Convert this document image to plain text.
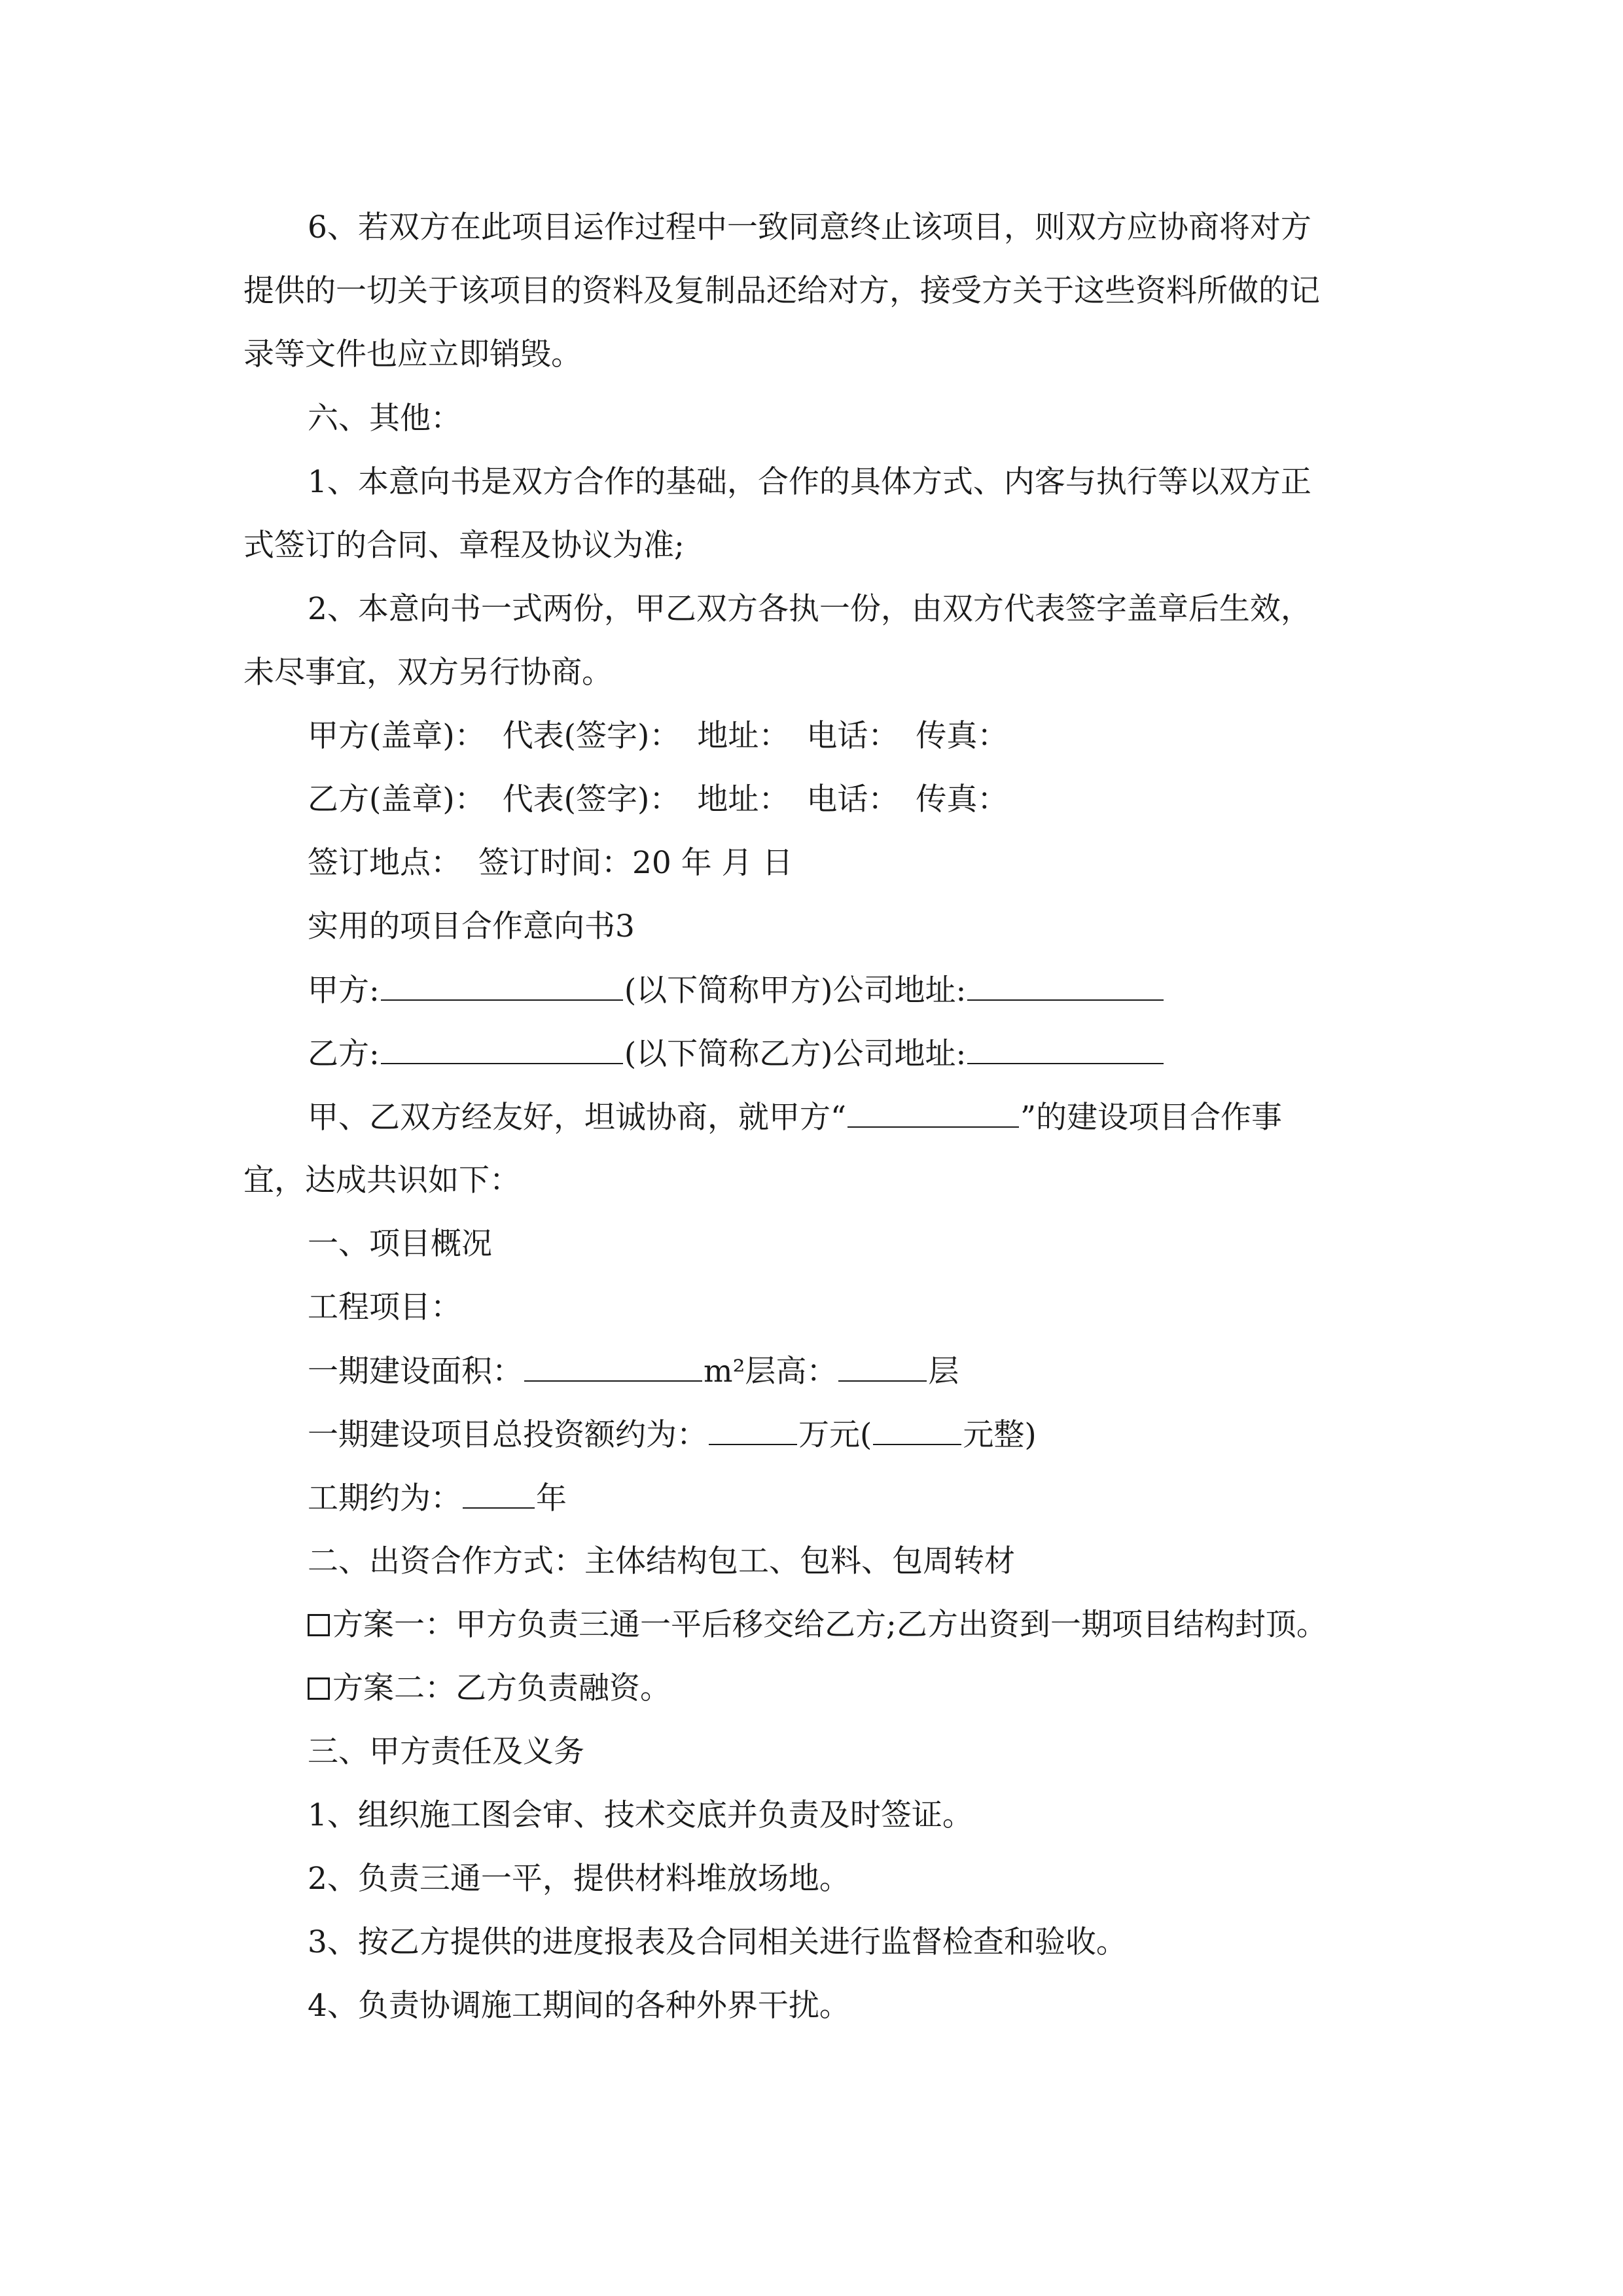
6、若双方在此项目运作过程中一致同意终止该项目，则双方应协商将对方
提供的一切关于该项目的资料及复制品还给对方，接受方关于这些资料所做的记
录等文件也应立即销毁。
六、其他：
1、本意向书是双方合作的基础，合作的具体方式、内客与执行等以双方正
式签订的合同、章程及协议为准;
2、本意向书一式两份，甲乙双方各执一份，由双方代表签字盖章后生效，
未尽事宜，双方另行协商。
甲方(盖章)： 代表(签字)： 地址： 电话： 传真：
乙方(盖章)： 代表(签字)： 地址： 电话： 传真：
签订地点： 签订时间：20 年 月 日
实用的项目合作意向书3
甲方:	(以下简称甲方)公司地址:
乙方:	(以下简称乙方)公司地址:
甲、乙双方经友好，坦诚协商，就甲方“	”的建设项目合作事
宜，达成共识如下：
一、项目概况
工程项目：
一期建设面积：	m²层高：	层
一期建设项目总投资额约为：	万元(	元整)
工期约为： 年
二、出资合作方式：主体结构包工、包料、包周转材
方案一：甲方负责三通一平后移交给乙方;乙方出资到一期项目结构封顶。
方案二：乙方负责融资。
三、甲方责任及义务
1、组织施工图会审、技术交底并负责及时签证。
2、负责三通一平，提供材料堆放场地。
3、按乙方提供的进度报表及合同相关进行监督检查和验收。
4、负责协调施工期间的各种外界干扰。
